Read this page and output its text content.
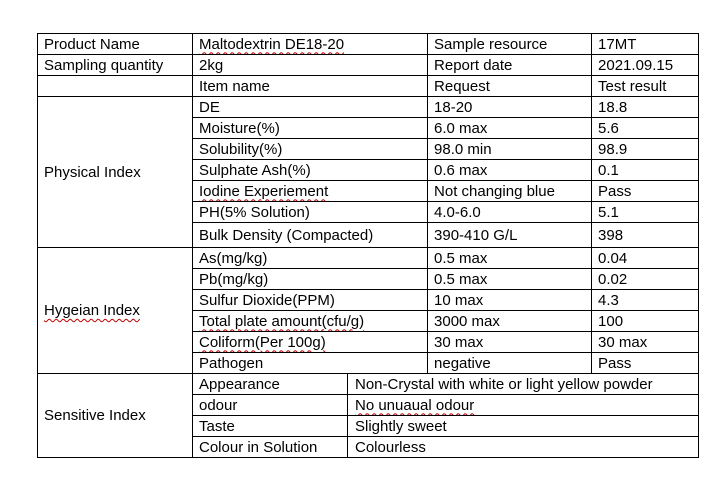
Product Name	Maltodextrin DE18-20		Sample resource	17MT
Sampling quantity	2kg		Report date	2021.09.15
	Item name		Request	Test result
Physical Index	DE		18-20	18.8
	Moisture(%)		6.0 max	5.6
	Solubility(%)		98.0 min	98.9
	Sulphate Ash(%)		0.6 max	0.1
	Iodine Experiement		Not changing blue	Pass
	PH(5% Solution)		4.0-6.0	5.1
	Bulk Density (Compacted)		390-410 G/L	398
Hygeian Index	As(mg/kg)		0.5 max	0.04
	Pb(mg/kg)		0.5 max	0.02
	Sulfur Dioxide(PPM)		10 max	4.3
	Total plate amount(cfu/g)		3000 max	100
	Coliform(Per 100g)		30 max	30 max
	Pathogen		negative	Pass
Sensitive Index	Appearance	Non-Crystal with white or light yellow powder		
	odour	No unuaual odour		
	Taste	Slightly sweet		
	Colour in Solution	Colourless		
